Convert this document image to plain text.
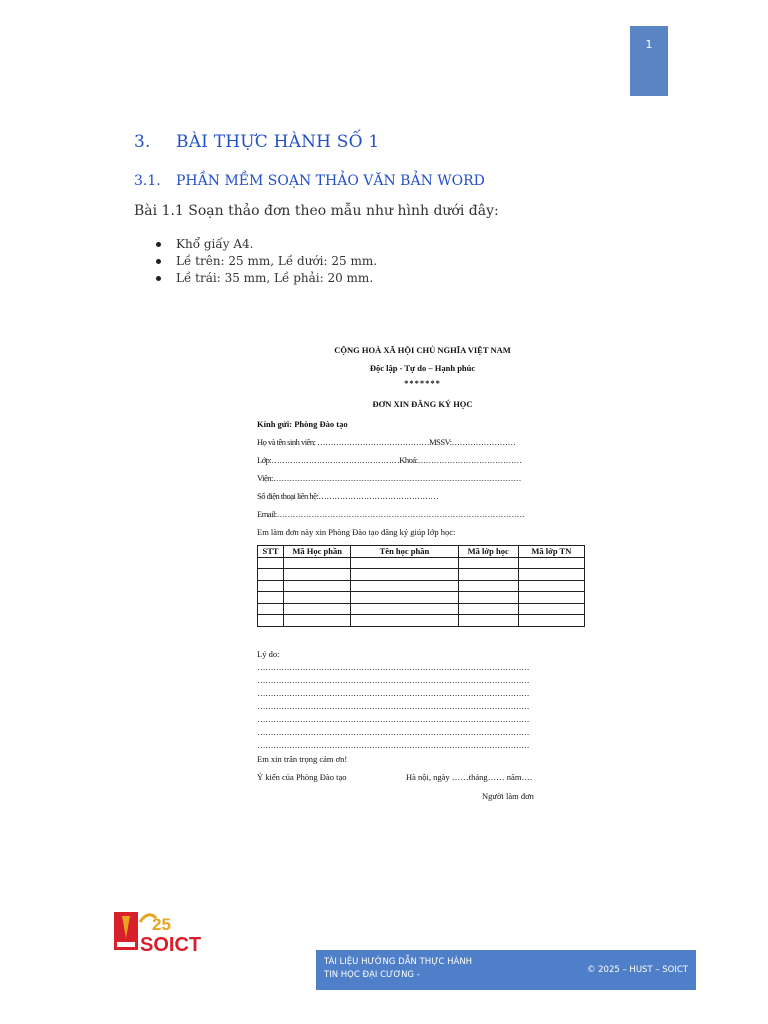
1
3. BÀI THỰC HÀNH SỐ 1
3.1. PHẦN MỀM SOẠN THẢO VĂN BẢN WORD
Bài 1.1 Soạn thảo đơn theo mẫu như hình dưới đây:
Khổ giấy A4.
Lề trên: 25 mm, Lề dưới: 25 mm.
Lề trái: 35 mm, Lề phải: 20 mm.
CỘNG HOÀ XÃ HỘI CHỦ NGHĨA VIỆT NAM
Độc lập - Tự do – Hạnh phúc
*******
ĐƠN XIN ĐĂNG KÝ HỌC
Kính gửi: Phòng Đào tạo
Họ và tên sinh viên: ……………………………………MSSV:……………………
Lớp:…………………………………………Khoá:…………………………………
Viện:…………………………………………………………………………………
Số điện thoại liên hệ:………………………………………
Email:…………………………………………………………………………………
Em làm đơn này xin Phòng Đào tạo đăng ký giúp lớp học:
STT	Mã Học phần	Tên học phần	Mã lớp học	Mã lớp TN

Lý do:
…………………………………………………………………………………………
…………………………………………………………………………………………
…………………………………………………………………………………………
…………………………………………………………………………………………
…………………………………………………………………………………………
…………………………………………………………………………………………
…………………………………………………………………………………………
Em xin trân trọng cảm ơn!
Ý kiến của Phòng Đào tạo	Hà nội, ngày ……tháng…… năm….
Người làm đơn
25
SOICT
TÀI LIỆU HƯỚNG DẪN THỰC HÀNH TIN HỌC ĐẠI CƯƠNG -	© 2025 – HUST – SOICT
